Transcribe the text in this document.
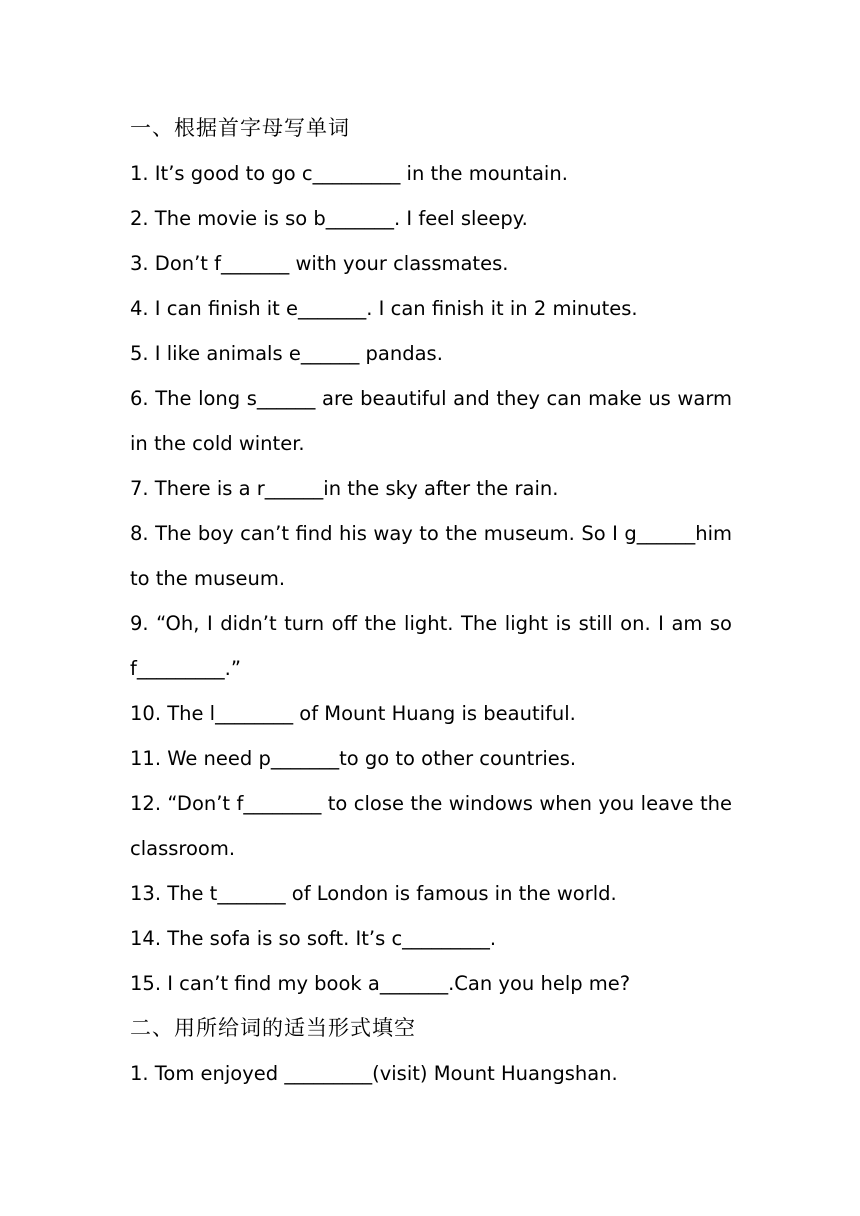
一、根据首字母写单词
1. It’s good to go c_________ in the mountain.
2. The movie is so b_______. I feel sleepy.
3. Don’t f_______ with your classmates.
4. I can finish it e_______. I can finish it in 2 minutes.
5. I like animals e______ pandas.
6. The long s______ are beautiful and they can make us warm
in the cold winter.
7. There is a r______in the sky after the rain.
8. The boy can’t find his way to the museum. So I g______him
to the museum.
9. “Oh, I didn’t turn off the light. The light is still on. I am so
f_________.”
10. The l________ of Mount Huang is beautiful.
11. We need p_______to go to other countries.
12. “Don’t f________ to close the windows when you leave the
classroom.
13. The t_______ of London is famous in the world.
14. The sofa is so soft. It’s c_________.
15. I can’t find my book a_______.Can you help me?
二、用所给词的适当形式填空
1. Tom enjoyed _________(visit) Mount Huangshan.
